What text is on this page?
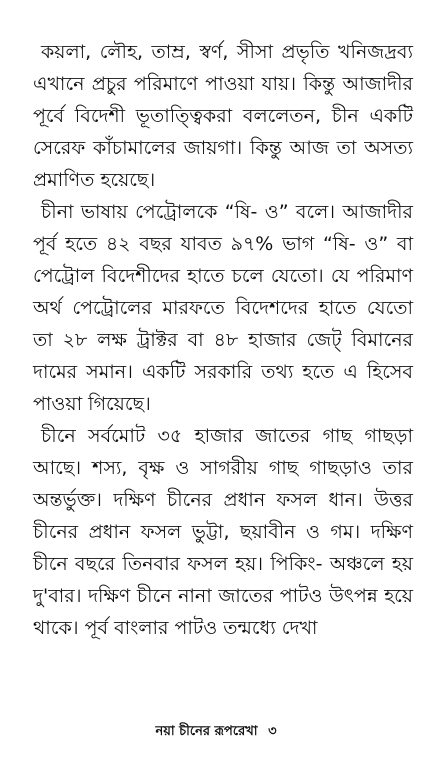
কয়লা, লৌহ, তাম্র, স্বর্ণ, সীসা প্রভৃতি খনিজদ্রব্য এখানে প্রচুর পরিমাণে পাওয়া যায়। কিন্তু আজাদীর পূর্বে বিদেশী ভূতাত্ত্বিকরা বললেতন, চীন একটি সেরেফ কাঁচামালের জায়গা। কিন্তু আজ তা অসত্য প্রমাণিত হয়েছে।

চীনা ভাষায় পেট্রোলকে “ষি- ও” বলে। আজাদীর পূর্ব হতে ৪২ বছর যাবত ৯৭% ভাগ “ষি- ও” বা পেট্রোল বিদেশীদের হাতে চলে যেতো। যে পরিমাণ অর্থ পেট্রোলের মারফতে বিদেশদের হাতে যেতো তা ২৮ লক্ষ ট্রাক্টর বা ৪৮ হাজার জেট্ বিমানের দামের সমান। একটি সরকারি তথ্য হতে এ হিসেব পাওয়া গিয়েছে।

চীনে সর্বমোট ৩৫ হাজার জাতের গাছ গাছড়া আছে। শস্য, বৃক্ষ ও সাগরীয় গাছ গাছড়াও তার অন্তর্ভুক্ত। দক্ষিণ চীনের প্রধান ফসল ধান। উত্তর চীনের প্রধান ফসল ভুট্টা, ছয়াবীন ও গম। দক্ষিণ চীনে বছরে তিনবার ফসল হয়। পিকিং- অঞ্চলে হয় দু'বার। দক্ষিণ চীনে নানা জাতের পাটও উৎপন্ন হয়ে থাকে। পূর্ব বাংলার পাটও তন্মধ্যে দেখা

নয়া চীনের রূপরেখা ৩
